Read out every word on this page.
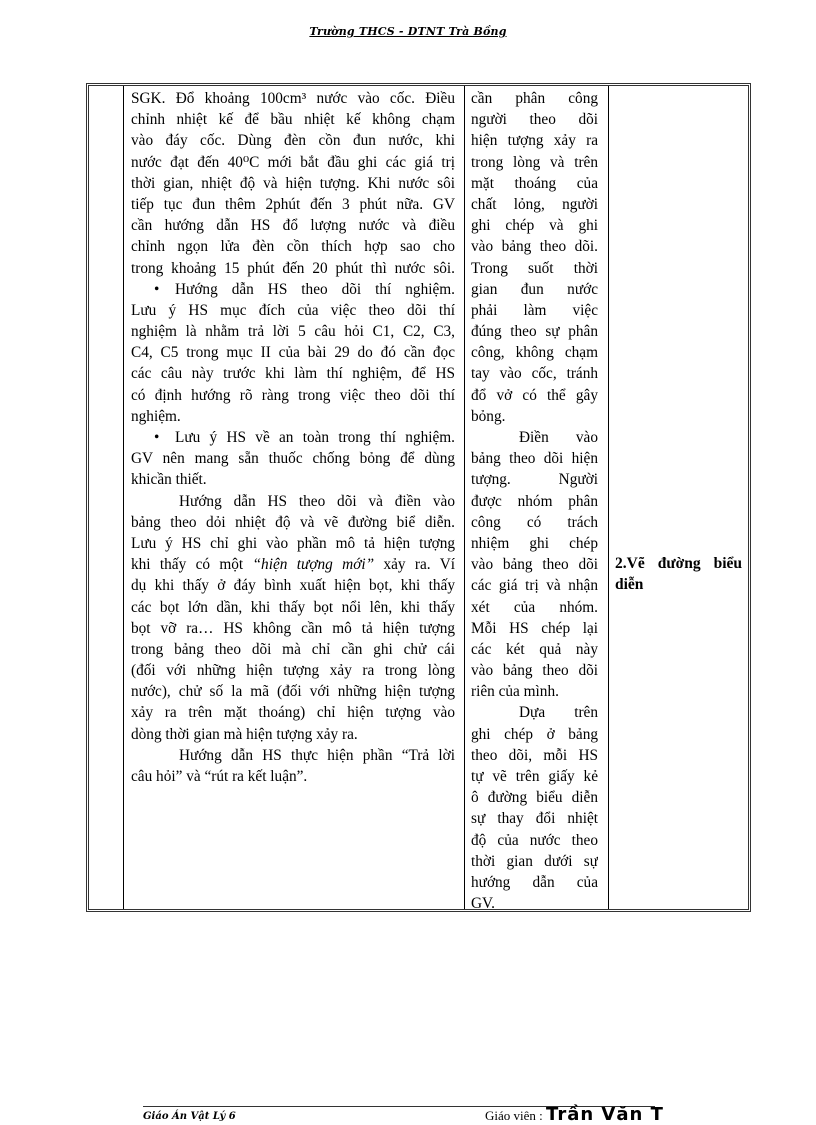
Trường THCS - DTNT Trà Bồng
SGK. Đổ khoảng 100cm³ nước vào cốc. Điều
chỉnh nhiệt kế để bầu nhiệt kế không chạm
vào đáy cốc. Dùng đèn cồn đun nước, khi
nước đạt đến 40⁰C mới bắt đầu ghi các giá trị
thời gian, nhiệt độ và hiện tượng. Khi nước sôi
tiếp tục đun thêm 2phút đến 3 phút nữa. GV
cần hướng dẫn HS đổ lượng nước và điều
chỉnh ngọn lửa đèn cồn thích hợp sao cho
trong khoảng 15 phút đến 20 phút thì nước sôi.
• Hướng dẫn HS theo dõi thí nghiệm.
Lưu ý HS mục đích của việc theo dõi thí
nghiệm là nhằm trả lời 5 câu hỏi C1, C2, C3,
C4, C5 trong mục II của bài 29 do đó cần đọc
các câu này trước khi làm thí nghiệm, để HS
có định hướng rõ ràng trong việc theo dõi thí
nghiệm.
• Lưu ý HS về an toàn trong thí nghiệm.
GV nên mang sẵn thuốc chống bỏng để dùng
khicần thiết.
Hướng dẫn HS theo dõi và điền vào
bảng theo dỏi nhiệt độ và vẽ đường biể diễn.
Lưu ý HS chỉ ghi vào phần mô tả hiện tượng
khi thấy có một “hiện tượng mới” xảy ra. Ví
dụ khi thấy ở đáy bình xuất hiện bọt, khi thấy
các bọt lớn dần, khi thấy bọt nổi lên, khi thấy
bọt vỡ ra… HS không cần mô tả hiện tượng
trong bảng theo dõi mà chỉ cần ghi chử cái
(đối với những hiện tượng xảy ra trong lòng
nước), chử số la mã (đối với những hiện tượng
xảy ra trên mặt thoáng) chỉ hiện tượng vào
dòng thời gian mà hiện tượng xảy ra.
Hướng dẫn HS thực hiện phần “Trả lời
câu hỏi” và “rút ra kết luận”.
cần phân công
người theo dõi
hiện tượng xảy ra
trong lòng và trên
mặt thoáng của
chất lỏng, người
ghi chép và ghi
vào bảng theo dõi.
Trong suốt thời
gian đun nước
phải làm việc
đúng theo sự phân
công, không chạm
tay vào cốc, tránh
đổ vở có thể gây
bỏng.
Điền vào
bảng theo dõi hiện
tượng. Người
được nhóm phân
công có trách
nhiệm ghi chép
vào bảng theo dõi
các giá trị và nhận
xét của nhóm.
Mỗi HS chép lại
các két quả này
vào bảng theo dõi
riên của mình.
Dựa trên
ghi chép ở bảng
theo dõi, mỗi HS
tự vẽ trên giấy kẻ
ô đường biểu diễn
sự thay đổi nhiệt
độ của nước theo
thời gian dưới sự
hướng dẫn của
GV.
2.Vẽ đường biểu
diễn
Giáo Án Vật Lý 6	Giáo viên : Trần Văn T
